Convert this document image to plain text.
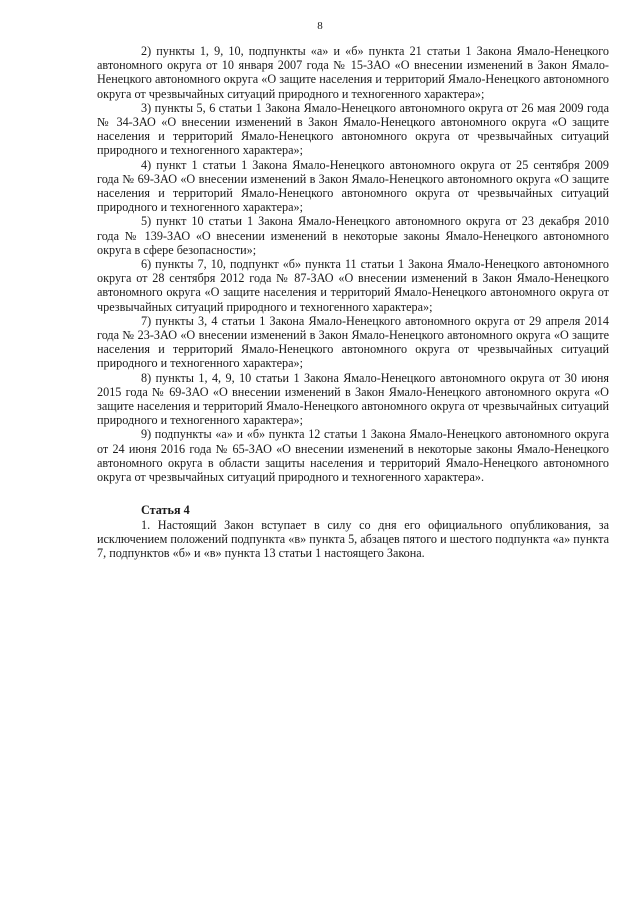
8

2) пункты 1, 9, 10, подпункты «а» и «б» пункта 21 статьи 1 Закона Ямало-Ненецкого автономного округа от 10 января 2007 года № 15-ЗАО «О внесении изменений в Закон Ямало-Ненецкого автономного округа «О защите населения и территорий Ямало-Ненецкого автономного округа от чрезвычайных ситуаций природного и техногенного характера»;

3) пункты 5, 6 статьи 1 Закона Ямало-Ненецкого автономного округа от 26 мая 2009 года № 34-ЗАО «О внесении изменений в Закон Ямало-Ненецкого автономного округа «О защите населения и территорий Ямало-Ненецкого автономного округа от чрезвычайных ситуаций природного и техногенного характера»;

4) пункт 1 статьи 1 Закона Ямало-Ненецкого автономного округа от 25 сентября 2009 года № 69-ЗАО «О внесении изменений в Закон Ямало-Ненецкого автономного округа «О защите населения и территорий Ямало-Ненецкого автономного округа от чрезвычайных ситуаций природного и техногенного характера»;

5) пункт 10 статьи 1 Закона Ямало-Ненецкого автономного округа от 23 декабря 2010 года № 139-ЗАО «О внесении изменений в некоторые законы Ямало-Ненецкого автономного округа в сфере безопасности»;

6) пункты 7, 10, подпункт «б» пункта 11 статьи 1 Закона Ямало-Ненецкого автономного округа от 28 сентября 2012 года № 87-ЗАО «О внесении изменений в Закон Ямало-Ненецкого автономного округа «О защите населения и территорий Ямало-Ненецкого автономного округа от чрезвычайных ситуаций природного и техногенного характера»;

7) пункты 3, 4 статьи 1 Закона Ямало-Ненецкого автономного округа от 29 апреля 2014 года № 23-ЗАО «О внесении изменений в Закон Ямало-Ненецкого автономного округа «О защите населения и территорий Ямало-Ненецкого автономного округа от чрезвычайных ситуаций природного и техногенного характера»;

8) пункты 1, 4, 9, 10 статьи 1 Закона Ямало-Ненецкого автономного округа от 30 июня 2015 года № 69-ЗАО «О внесении изменений в Закон Ямало-Ненецкого автономного округа «О защите населения и территорий Ямало-Ненецкого автономного округа от чрезвычайных ситуаций природного и техногенного характера»;

9) подпункты «а» и «б» пункта 12 статьи 1 Закона Ямало-Ненецкого автономного округа от 24 июня 2016 года № 65-ЗАО «О внесении изменений в некоторые законы Ямало-Ненецкого автономного округа в области защиты населения и территорий Ямало-Ненецкого автономного округа от чрезвычайных ситуаций природного и техногенного характера».

Статья 4

1. Настоящий Закон вступает в силу со дня его официального опубликования, за исключением положений подпункта «в» пункта 5, абзацев пятого и шестого подпункта «а» пункта 7, подпунктов «б» и «в» пункта 13 статьи 1 настоящего Закона.
